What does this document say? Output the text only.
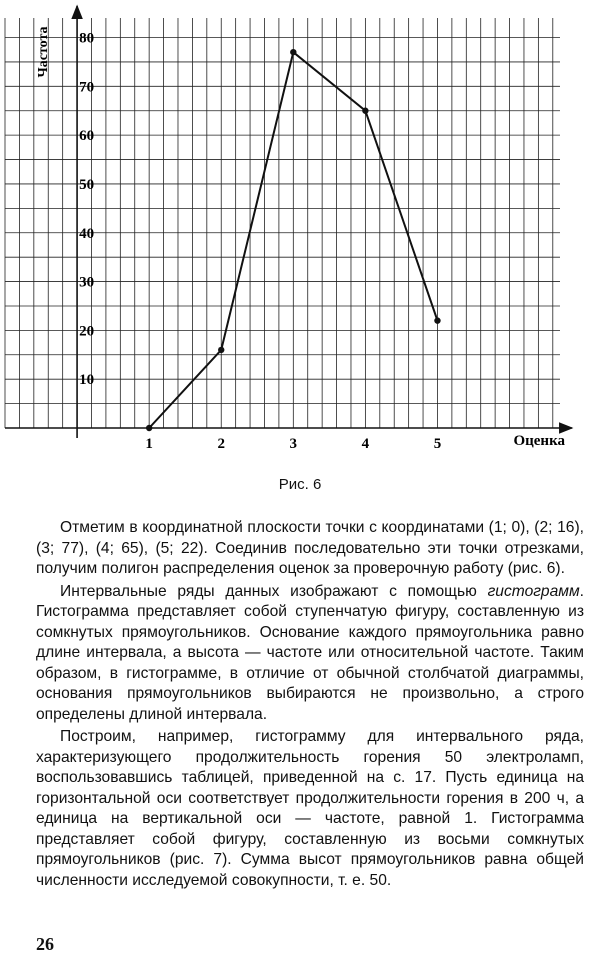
1	2	3	4	5
10
20
30
40
50
60
70
80
Оценка
Частота
Рис. 6

Отметим в координатной плоскости точки с координатами (1; 0), (2; 16), (3; 77), (4; 65), (5; 22). Соединив последовательно эти точки отрезками, получим полигон распределения оценок за проверочную работу (рис. 6).

Интервальные ряды данных изображают с помощью гистограмм. Гистограмма представляет собой ступенчатую фигуру, составленную из сомкнутых прямоугольников. Основание каждого прямоугольника равно длине интервала, а высота — частоте или относительной частоте. Таким образом, в гистограмме, в отличие от обычной столбчатой диаграммы, основания прямоугольников выбираются не произвольно, а строго определены длиной интервала.

Построим, например, гистограмму для интервального ряда, характеризующего продолжительность горения 50 электроламп, воспользовавшись таблицей, приведенной на с. 17. Пусть единица на горизонтальной оси соответствует продолжительности горения в 200 ч, а единица на вертикальной оси — частоте, равной 1. Гистограмма представляет собой фигуру, составленную из восьми сомкнутых прямоугольников (рис. 7). Сумма высот прямоугольников равна общей численности исследуемой совокупности, т. е. 50.

26
